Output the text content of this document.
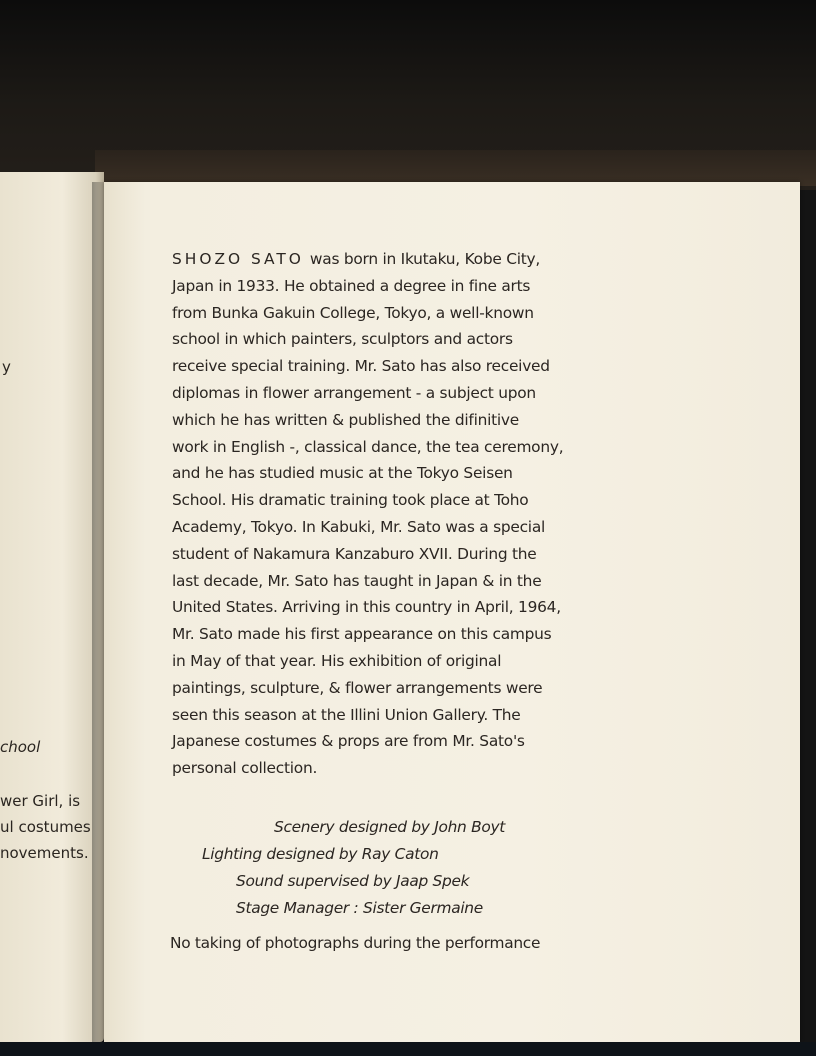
y
chool
wer Girl, is
ul costumes
novements.
SHOZO SATO was born in Ikutaku, Kobe City,
Japan in 1933. He obtained a degree in fine arts
from Bunka Gakuin College, Tokyo, a well-known
school in which painters, sculptors and actors
receive special training. Mr. Sato has also received
diplomas in flower arrangement - a subject upon
which he has written & published the difinitive
work in English -, classical dance, the tea ceremony,
and he has studied music at the Tokyo Seisen
School. His dramatic training took place at Toho
Academy, Tokyo. In Kabuki, Mr. Sato was a special
student of Nakamura Kanzaburo XVII. During the
last decade, Mr. Sato has taught in Japan & in the
United States. Arriving in this country in April, 1964,
Mr. Sato made his first appearance on this campus
in May of that year. His exhibition of original
paintings, sculpture, & flower arrangements were
seen this season at the Illini Union Gallery. The
Japanese costumes & props are from Mr. Sato's
personal collection.
Scenery designed by John Boyt
Lighting designed by Ray Caton
Sound supervised by Jaap Spek
Stage Manager : Sister Germaine
No taking of photographs during the performance
